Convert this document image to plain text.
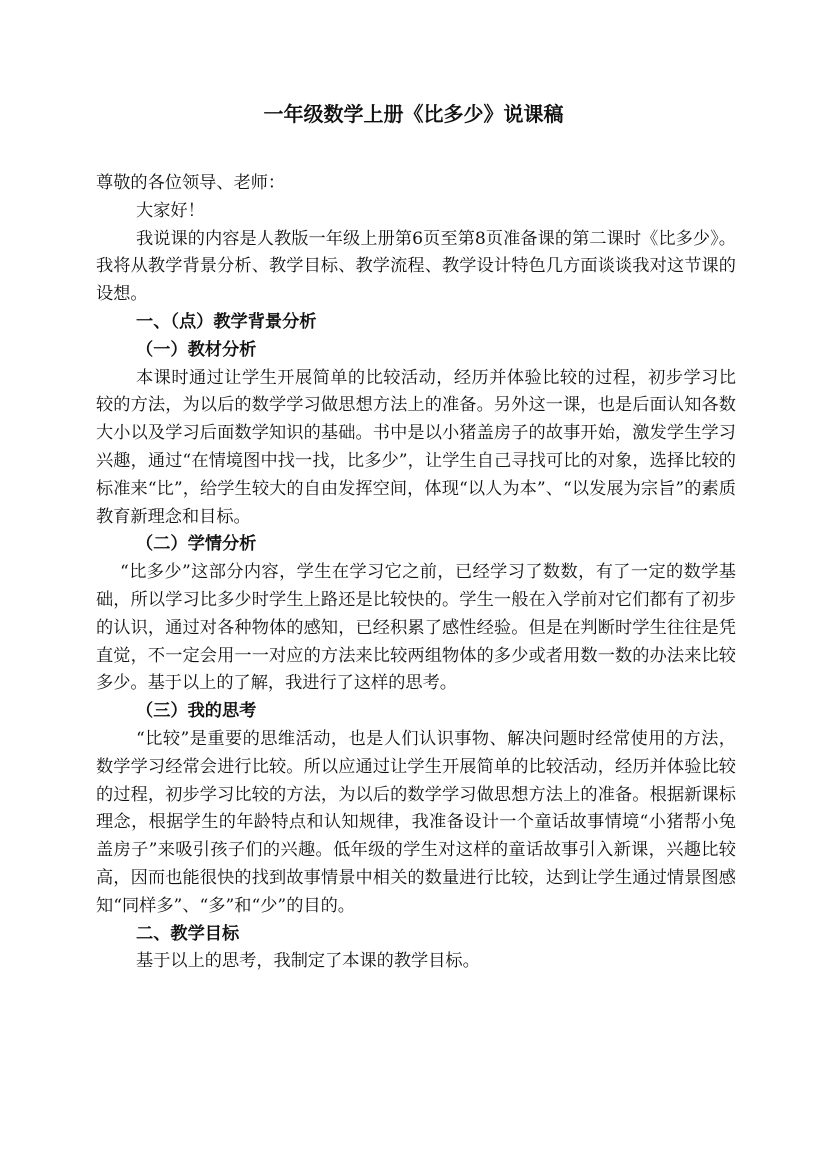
一年级数学上册《比多少》说课稿

尊敬的各位领导、老师：

大家好！

我说课的内容是人教版一年级上册第6页至第8页准备课的第二课时《比多少》。我将从教学背景分析、教学目标、教学流程、教学设计特色几方面谈谈我对这节课的设想。

一、（点）教学背景分析

（一）教材分析

本课时通过让学生开展简单的比较活动，经历并体验比较的过程，初步学习比较的方法，为以后的数学学习做思想方法上的准备。另外这一课，也是后面认知各数大小以及学习后面数学知识的基础。书中是以小猪盖房子的故事开始，激发学生学习兴趣，通过“在情境图中找一找，比多少”，让学生自己寻找可比的对象，选择比较的标准来“比”，给学生较大的自由发挥空间，体现“以人为本”、“以发展为宗旨”的素质教育新理念和目标。

（二）学情分析

“比多少”这部分内容，学生在学习它之前，已经学习了数数，有了一定的数学基础，所以学习比多少时学生上路还是比较快的。学生一般在入学前对它们都有了初步的认识，通过对各种物体的感知，已经积累了感性经验。但是在判断时学生往往是凭直觉，不一定会用一一对应的方法来比较两组物体的多少或者用数一数的办法来比较多少。基于以上的了解，我进行了这样的思考。

（三）我的思考

“比较”是重要的思维活动，也是人们认识事物、解决问题时经常使用的方法，数学学习经常会进行比较。所以应通过让学生开展简单的比较活动，经历并体验比较的过程，初步学习比较的方法，为以后的数学学习做思想方法上的准备。根据新课标理念，根据学生的年龄特点和认知规律，我准备设计一个童话故事情境“小猪帮小兔盖房子”来吸引孩子们的兴趣。低年级的学生对这样的童话故事引入新课，兴趣比较高，因而也能很快的找到故事情景中相关的数量进行比较，达到让学生通过情景图感知“同样多”、“多”和“少”的目的。

二、教学目标

基于以上的思考，我制定了本课的教学目标。
